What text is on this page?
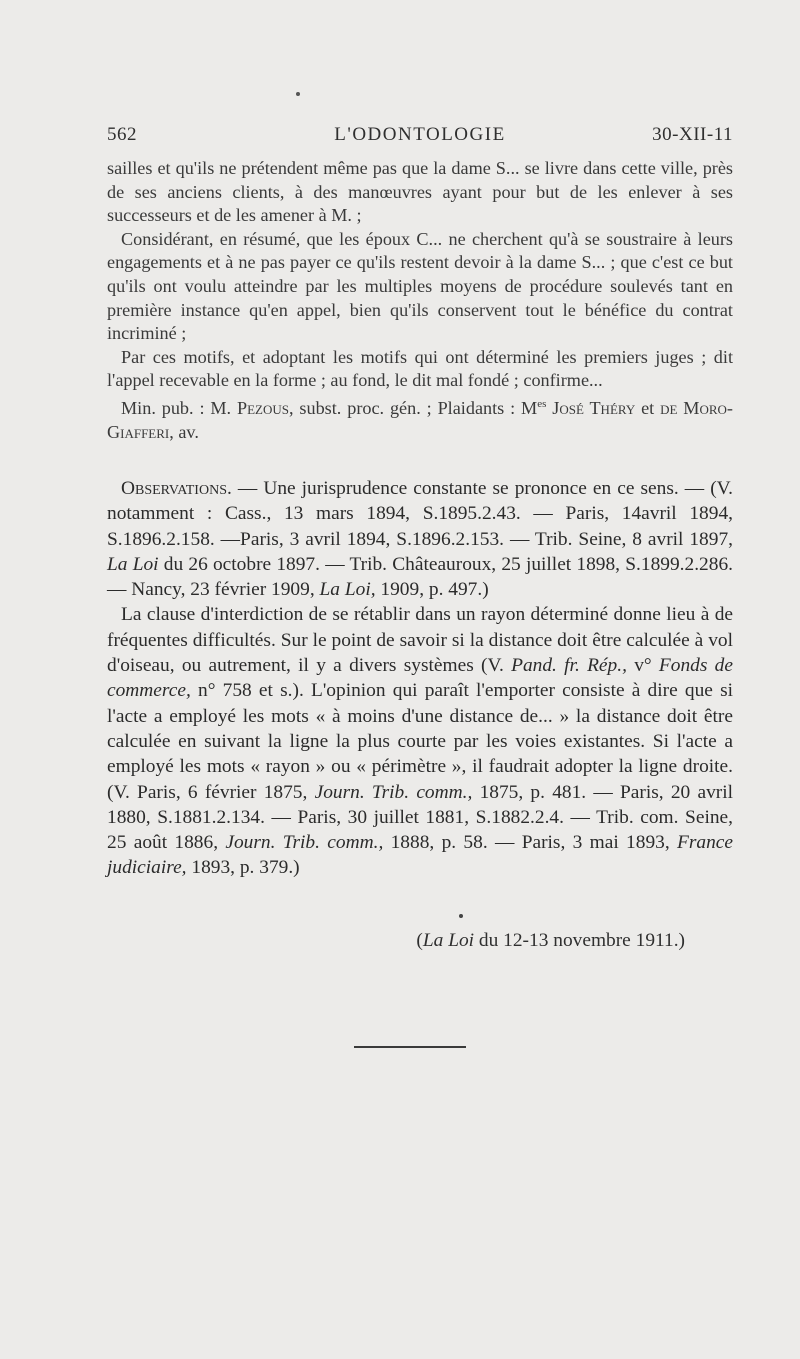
562	L'ODONTOLOGIE	30-XII-11

sailles et qu'ils ne prétendent même pas que la dame S... se livre dans cette ville, près de ses anciens clients, à des manœuvres ayant pour but de les enlever à ses successeurs et de les amener à M. ;

Considérant, en résumé, que les époux C... ne cherchent qu'à se soustraire à leurs engagements et à ne pas payer ce qu'ils restent devoir à la dame S... ; que c'est ce but qu'ils ont voulu atteindre par les multiples moyens de procédure soulevés tant en première instance qu'en appel, bien qu'ils conservent tout le bénéfice du contrat incriminé ;

Par ces motifs, et adoptant les motifs qui ont déterminé les premiers juges ; dit l'appel recevable en la forme ; au fond, le dit mal fondé ; confirme...

Min. pub. : M. Pezous, subst. proc. gén. ; Plaidants : $M^{es}$ José Théry et de Moro-Giafferi, av.

Observations. — Une jurisprudence constante se prononce en ce sens. — (V. notamment : Cass., 13 mars 1894, S.1895.2.43. — Paris, 14avril 1894, S.1896.2.158. —Paris, 3 avril 1894, S.1896.2.153. — Trib. Seine, 8 avril 1897, La Loi du 26 octobre 1897. — Trib. Châteauroux, 25 juillet 1898, S.1899.2.286. — Nancy, 23 février 1909, La Loi, 1909, p. 497.)

La clause d'interdiction de se rétablir dans un rayon déterminé donne lieu à de fréquentes difficultés. Sur le point de savoir si la distance doit être calculée à vol d'oiseau, ou autrement, il y a divers systèmes (V. Pand. fr. Rép., v° Fonds de commerce, n° 758 et s.). L'opinion qui paraît l'emporter consiste à dire que si l'acte a employé les mots « à moins d'une distance de... » la distance doit être calculée en suivant la ligne la plus courte par les voies existantes. Si l'acte a employé les mots « rayon » ou « périmètre », il faudrait adopter la ligne droite. (V. Paris, 6 février 1875, Journ. Trib. comm., 1875, p. 481. — Paris, 20 avril 1880, S.1881.2.134. — Paris, 30 juillet 1881, S.1882.2.4. — Trib. com. Seine, 25 août 1886, Journ. Trib. comm., 1888, p. 58. — Paris, 3 mai 1893, France judiciaire, 1893, p. 379.)

(La Loi du 12-13 novembre 1911.)
